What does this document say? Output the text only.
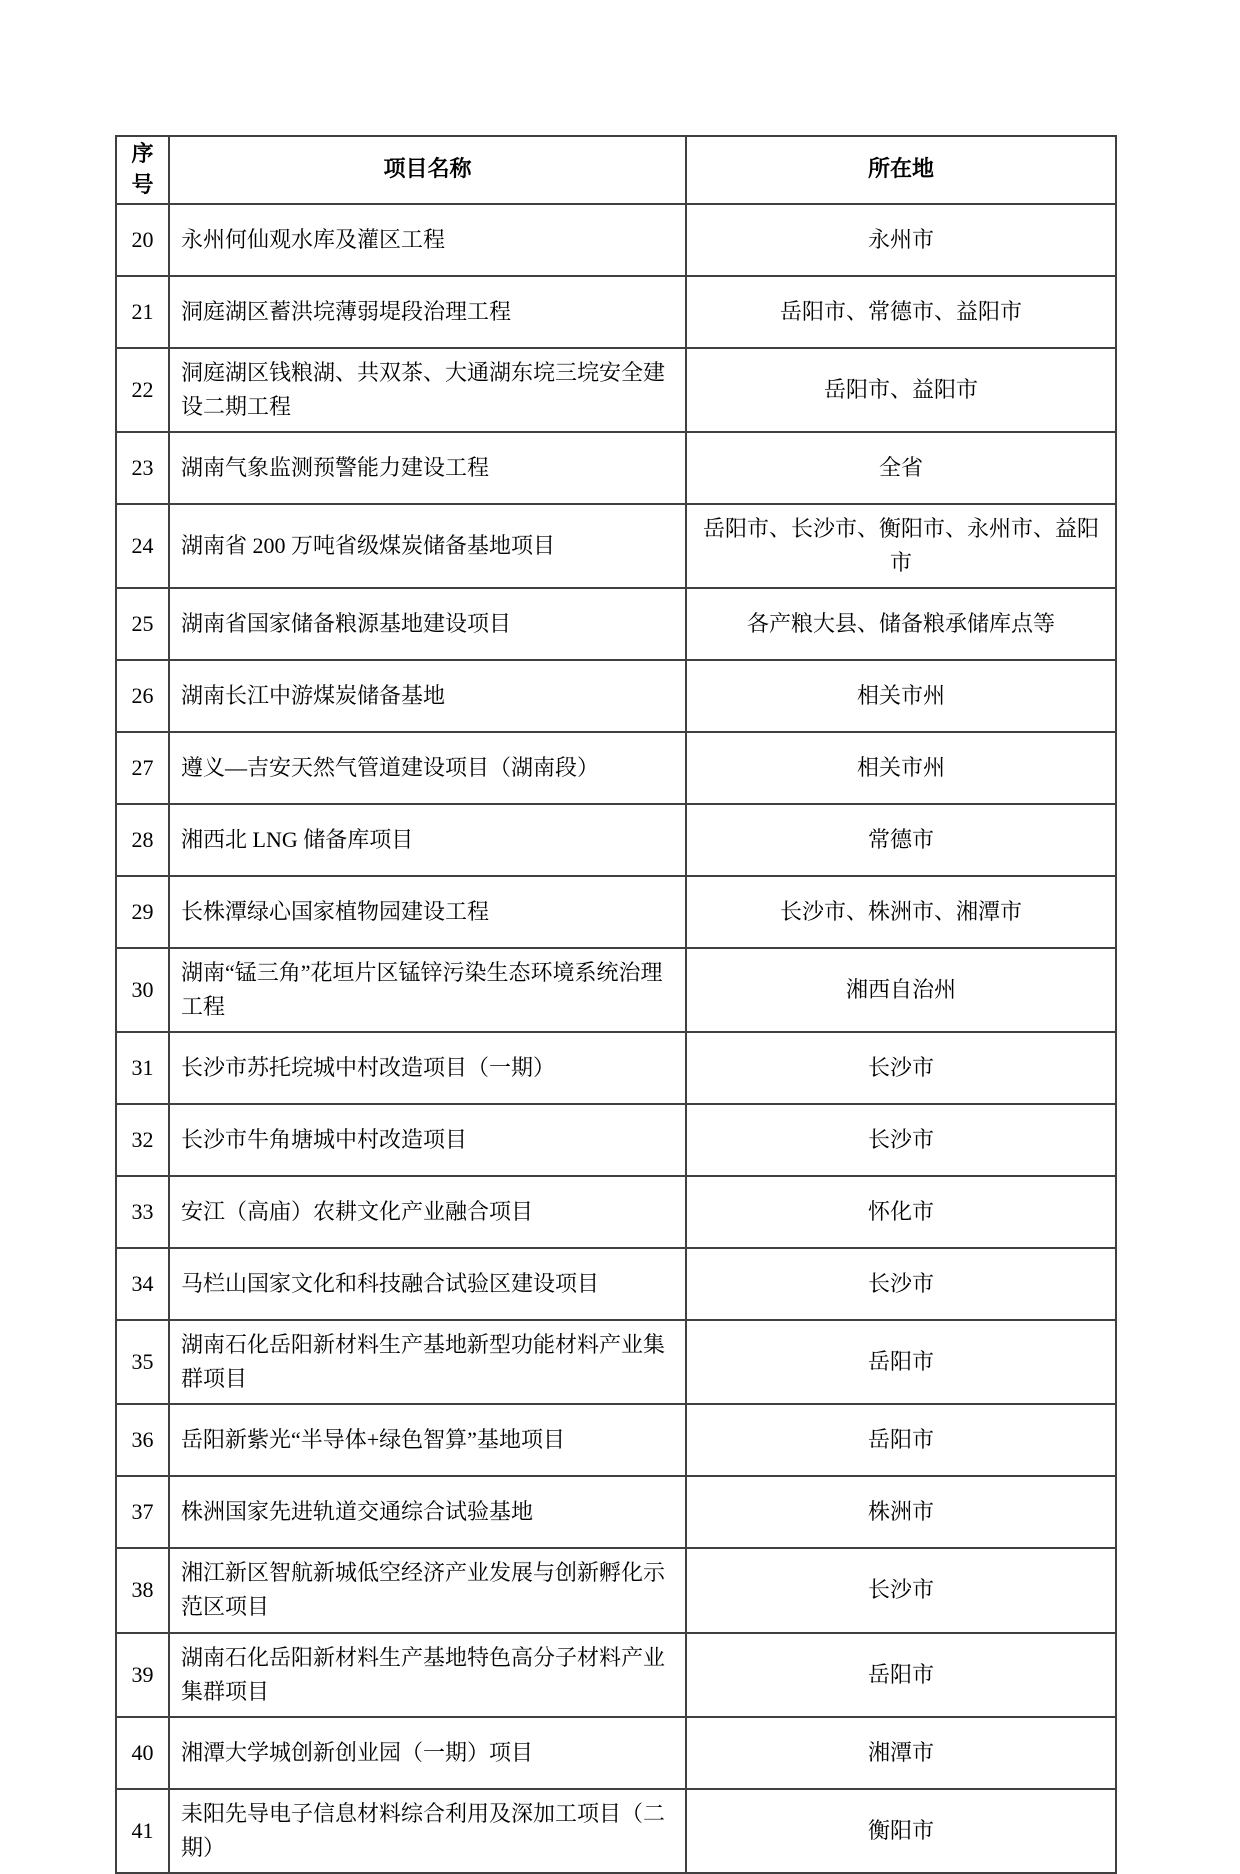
序号	项目名称	所在地
20	永州何仙观水库及灌区工程	永州市
21	洞庭湖区蓄洪垸薄弱堤段治理工程	岳阳市、常德市、益阳市
22	洞庭湖区钱粮湖、共双茶、大通湖东垸三垸安全建设二期工程	岳阳市、益阳市
23	湖南气象监测预警能力建设工程	全省
24	湖南省 200 万吨省级煤炭储备基地项目	岳阳市、长沙市、衡阳市、永州市、益阳市
25	湖南省国家储备粮源基地建设项目	各产粮大县、储备粮承储库点等
26	湖南长江中游煤炭储备基地	相关市州
27	遵义—吉安天然气管道建设项目（湖南段）	相关市州
28	湘西北 LNG 储备库项目	常德市
29	长株潭绿心国家植物园建设工程	长沙市、株洲市、湘潭市
30	湖南“锰三角”花垣片区锰锌污染生态环境系统治理工程	湘西自治州
31	长沙市苏托垸城中村改造项目（一期）	长沙市
32	长沙市牛角塘城中村改造项目	长沙市
33	安江（高庙）农耕文化产业融合项目	怀化市
34	马栏山国家文化和科技融合试验区建设项目	长沙市
35	湖南石化岳阳新材料生产基地新型功能材料产业集群项目	岳阳市
36	岳阳新紫光“半导体+绿色智算”基地项目	岳阳市
37	株洲国家先进轨道交通综合试验基地	株洲市
38	湘江新区智航新城低空经济产业发展与创新孵化示范区项目	长沙市
39	湖南石化岳阳新材料生产基地特色高分子材料产业集群项目	岳阳市
40	湘潭大学城创新创业园（一期）项目	湘潭市
41	耒阳先导电子信息材料综合利用及深加工项目（二期）	衡阳市
